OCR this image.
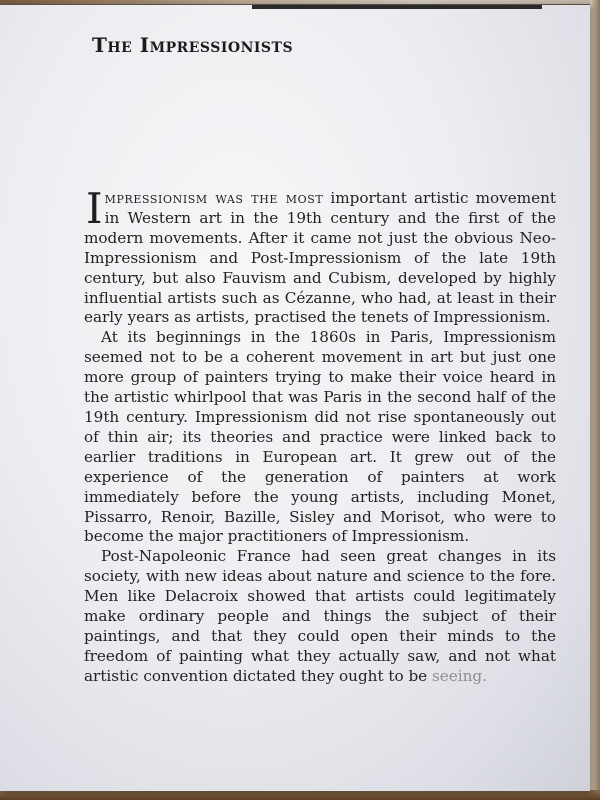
The Impressionists

Impressionism was the most important artistic movement in Western art in the 19th century and the first of the modern movements. After it came not just the obvious Neo-Impressionism and Post-Impressionism of the late 19th century, but also Fauvism and Cubism, developed by highly influential artists such as Cézanne, who had, at least in their early years as artists, practised the tenets of Impressionism.

At its beginnings in the 1860s in Paris, Impressionism seemed not to be a coherent movement in art but just one more group of painters trying to make their voice heard in the artistic whirlpool that was Paris in the second half of the 19th century. Impressionism did not rise spontaneously out of thin air; its theories and practice were linked back to earlier traditions in European art. It grew out of the experience of the generation of painters at work immediately before the young artists, including Monet, Pissarro, Renoir, Bazille, Sisley and Morisot, who were to become the major practitioners of Impressionism.

Post-Napoleonic France had seen great changes in its society, with new ideas about nature and science to the fore. Men like Delacroix showed that artists could legitimately make ordinary people and things the subject of their paintings, and that they could open their minds to the freedom of painting what they actually saw, and not what artistic convention dictated they ought to be seeing.
